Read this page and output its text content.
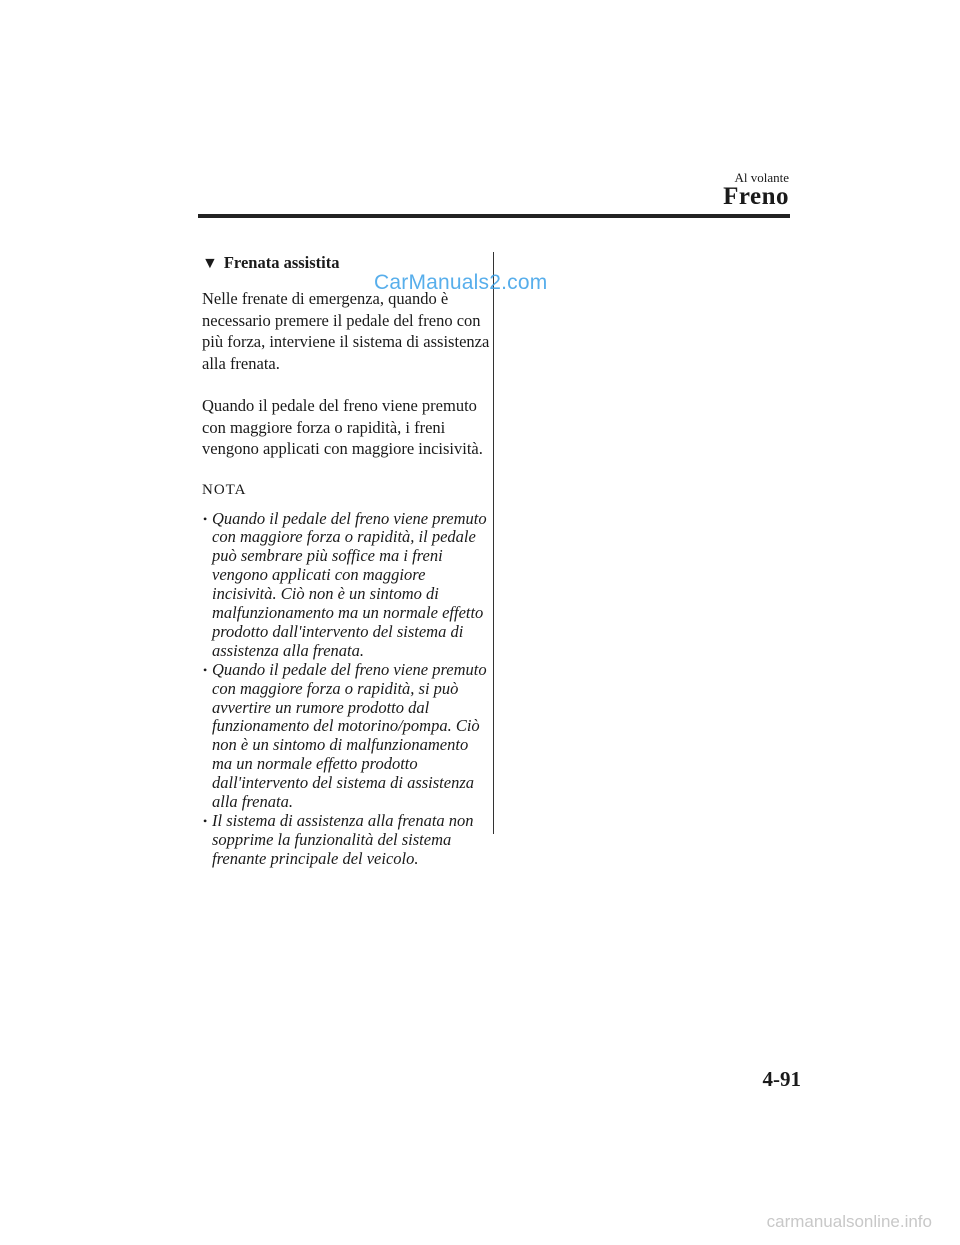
Al volante
Freno
▼ Frenata assistita

Nelle frenate di emergenza, quando è necessario premere il pedale del freno con più forza, interviene il sistema di assistenza alla frenata.

Quando il pedale del freno viene premuto con maggiore forza o rapidità, i freni vengono applicati con maggiore incisività.

NOTA
• Quando il pedale del freno viene premuto con maggiore forza o rapidità, il pedale può sembrare più soffice ma i freni vengono applicati con maggiore incisività. Ciò non è un sintomo di malfunzionamento ma un normale effetto prodotto dall'intervento del sistema di assistenza alla frenata.
• Quando il pedale del freno viene premuto con maggiore forza o rapidità, si può avvertire un rumore prodotto dal funzionamento del motorino/pompa. Ciò non è un sintomo di malfunzionamento ma un normale effetto prodotto dall'intervento del sistema di assistenza alla frenata.
• Il sistema di assistenza alla frenata non sopprime la funzionalità del sistema frenante principale del veicolo.
CarManuals2.com
4-91
carmanualsonline.info
